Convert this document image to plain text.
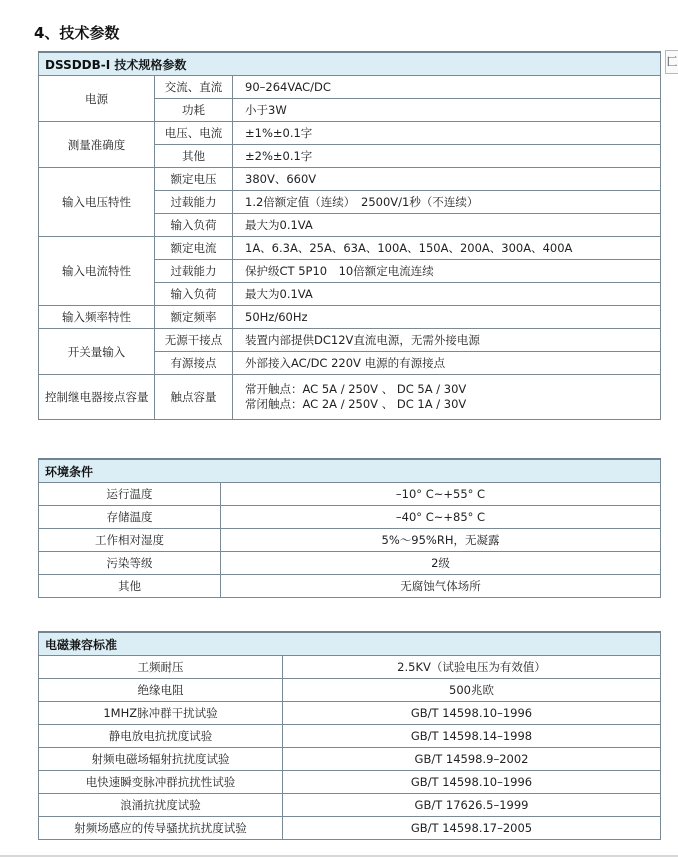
4、技术参数
匚
DSSDDB-I 技术规格参数		
电源	交流、直流	90–264VAC/DC
	功耗	小于3W
测量准确度	电压、电流	±1%±0.1字
	其他	±2%±0.1字
输入电压特性	额定电压	380V、660V
	过载能力	1.2倍额定值（连续）　2500V/1秒（不连续）
	输入负荷	最大为0.1VA
输入电流特性	额定电流	1A、6.3A、25A、63A、100A、150A、200A、300A、400A
	过载能力	保护级CT 5P10　10倍额定电流连续
	输入负荷	最大为0.1VA
输入频率特性	额定频率	50Hz/60Hz
开关量输入	无源干接点	装置内部提供DC12V直流电源，无需外接电源
	有源接点	外部接入AC/DC 220V 电源的有源接点
控制继电器接点容量	触点容量	常开触点：AC 5A / 250V 、 DC 5A / 30V
常闭触点：AC 2A / 250V 、 DC 1A / 30V
环境条件	
运行温度	–10° C~+55° C
存储温度	–40° C~+85° C
工作相对湿度	5%～95%RH，无凝露
污染等级	2级
其他	无腐蚀气体场所
电磁兼容标准	
工频耐压	2.5KV（试验电压为有效值）
绝缘电阻	500兆欧
1MHZ脉冲群干扰试验	GB/T 14598.10–1996
静电放电抗扰度试验	GB/T 14598.14–1998
射频电磁场辐射抗扰度试验	GB/T 14598.9–2002
电快速瞬变脉冲群抗扰性试验	GB/T 14598.10–1996
浪涌抗扰度试验	GB/T 17626.5–1999
射频场感应的传导骚扰抗扰度试验	GB/T 14598.17–2005
